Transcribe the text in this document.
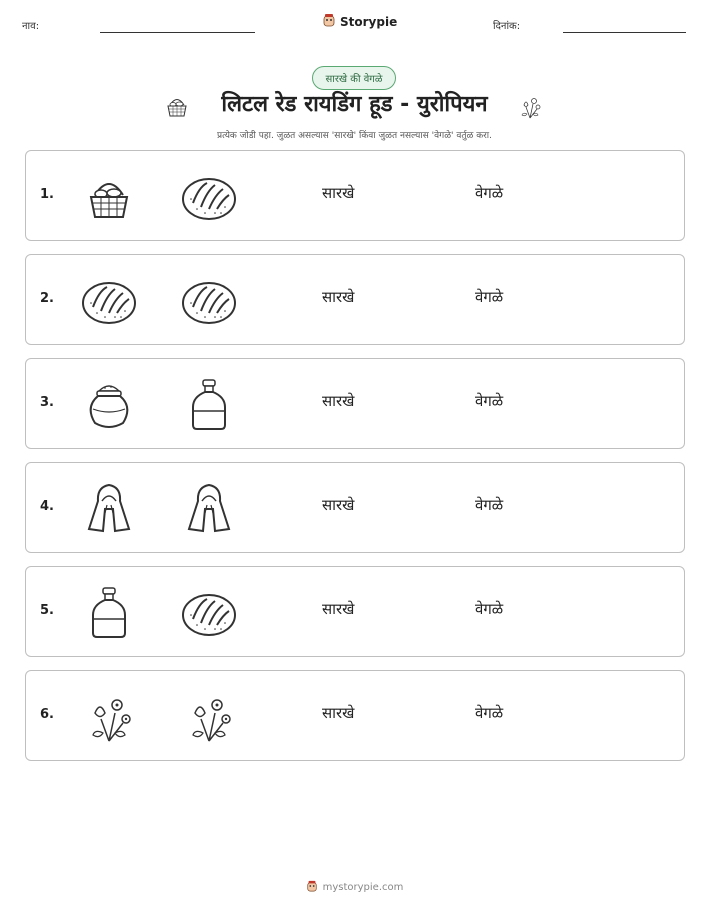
नाव:	Storypie	दिनांक:
सारखे की वेगळे
लिटल रेड रायडिंग हूड - युरोपियन
प्रत्येक जोडी पहा. जुळत असल्यास 'सारखे' किंवा जुळत नसल्यास 'वेगळे' वर्तुळ करा.
1.	सारखे	वेगळे
2.	सारखे	वेगळे
3.	सारखे	वेगळे
4.	सारखे	वेगळे
5.	सारखे	वेगळे
6.	सारखे	वेगळे
mystorypie.com
